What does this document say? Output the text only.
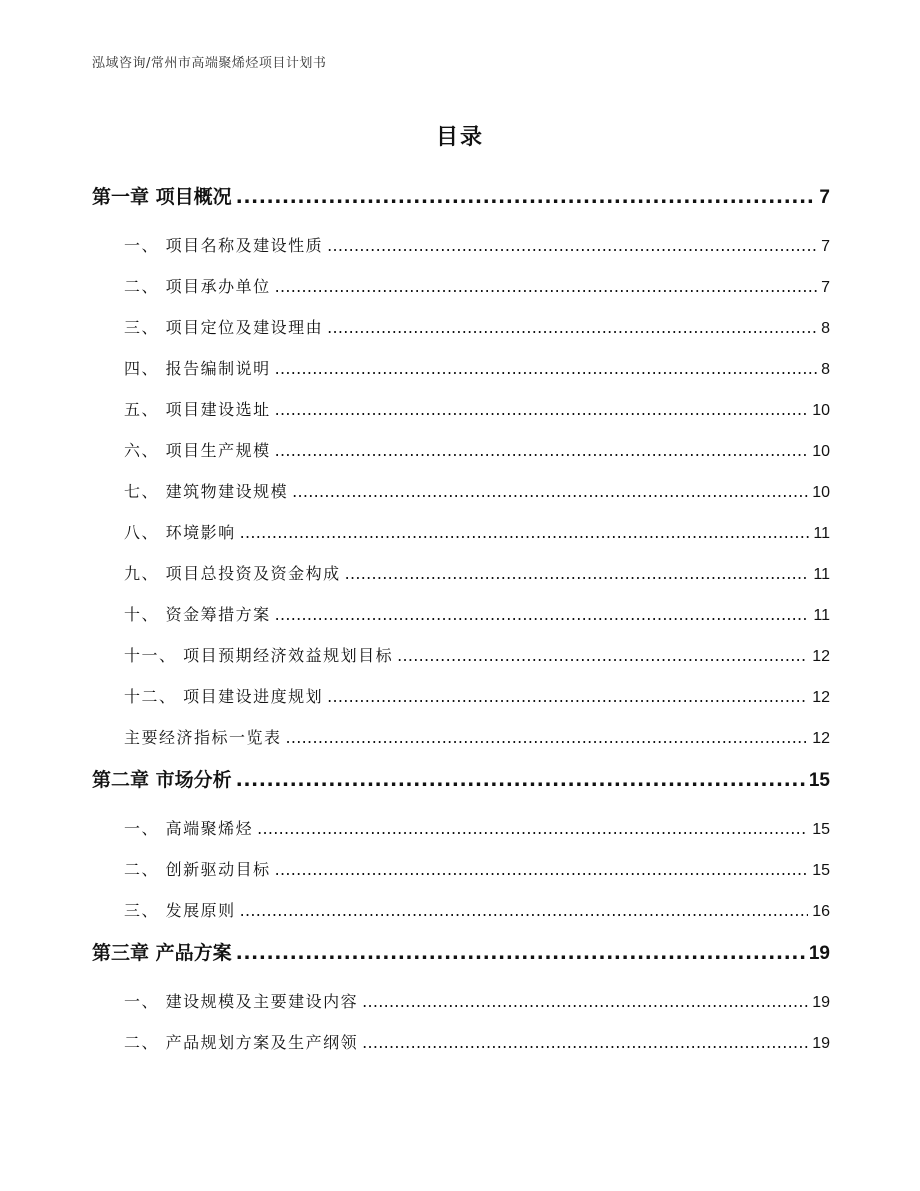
泓域咨询/常州市高端聚烯烃项目计划书
目录
第一章 项目概况 .....	7
一、 项目名称及建设性质 .....	7
二、 项目承办单位 .....	7
三、 项目定位及建设理由 .....	8
四、 报告编制说明 .....	8
五、 项目建设选址 .....	10
六、 项目生产规模 .....	10
七、 建筑物建设规模 .....	10
八、 环境影响 .....	11
九、 项目总投资及资金构成 .....	11
十、 资金筹措方案 .....	11
十一、 项目预期经济效益规划目标 .....	12
十二、 项目建设进度规划 .....	12
主要经济指标一览表 .....	12
第二章 市场分析 .....	15
一、 高端聚烯烃 .....	15
二、 创新驱动目标 .....	15
三、 发展原则 .....	16
第三章 产品方案 .....	19
一、 建设规模及主要建设内容 .....	19
二、 产品规划方案及生产纲领 .....	19
